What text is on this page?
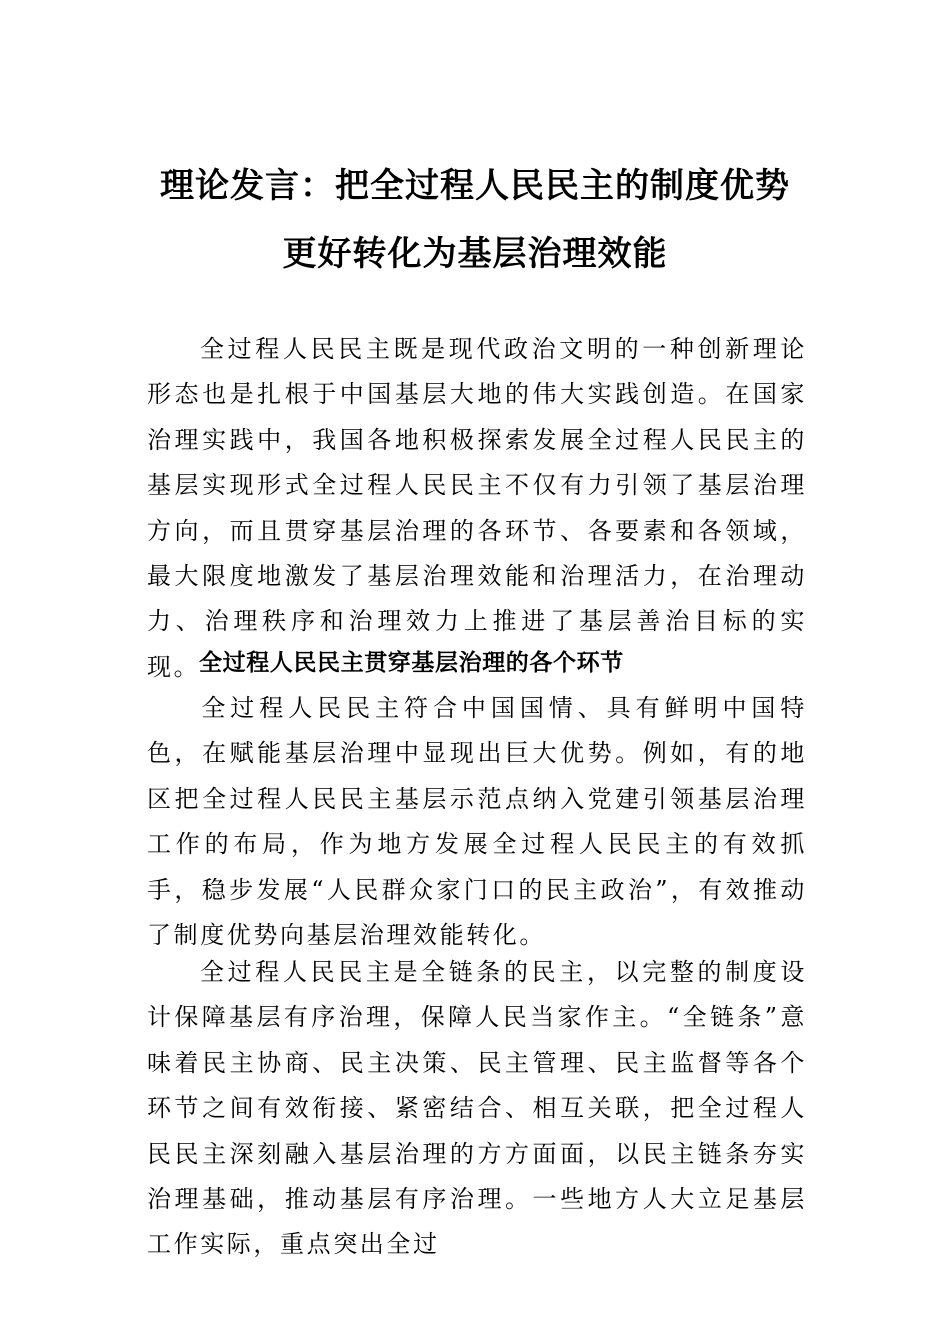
理论发言：把全过程人民民主的制度优势
更好转化为基层治理效能

全过程人民民主既是现代政治文明的一种创新理论形态也是扎根于中国基层大地的伟大实践创造。在国家治理实践中，我国各地积极探索发展全过程人民民主的基层实现形式全过程人民民主不仅有力引领了基层治理方向，而且贯穿基层治理的各环节、各要素和各领域，最大限度地激发了基层治理效能和治理活力，在治理动力、治理秩序和治理效力上推进了基层善治目标的实现。

全过程人民民主贯穿基层治理的各个环节

全过程人民民主符合中国国情、具有鲜明中国特色，在赋能基层治理中显现出巨大优势。例如，有的地区把全过程人民民主基层示范点纳入党建引领基层治理工作的布局，作为地方发展全过程人民民主的有效抓手，稳步发展“人民群众家门口的民主政治”，有效推动了制度优势向基层治理效能转化。

全过程人民民主是全链条的民主，以完整的制度设计保障基层有序治理，保障人民当家作主。“全链条”意味着民主协商、民主决策、民主管理、民主监督等各个环节之间有效衔接、紧密结合、相互关联，把全过程人民民主深刻融入基层治理的方方面面，以民主链条夯实治理基础，推动基层有序治理。一些地方人大立足基层工作实际，重点突出全过
